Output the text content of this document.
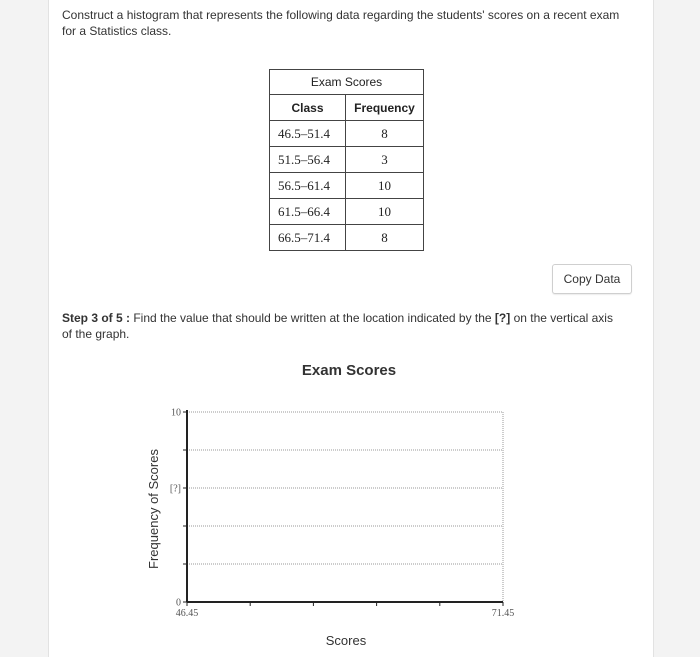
Construct a histogram that represents the following data regarding the students' scores on a recent exam
for a Statistics class.
Exam Scores	
Class	Frequency
46.5–51.4	8
51.5–56.4	3
56.5–61.4	10
61.5–66.4	10
66.5–71.4	8
Copy Data
Step 3 of 5 : Find the value that should be written at the location indicated by the [?] on the vertical axis
of the graph.
Exam Scores
0
[?]
10
46.45	71.45
Frequency of Scores
Scores
